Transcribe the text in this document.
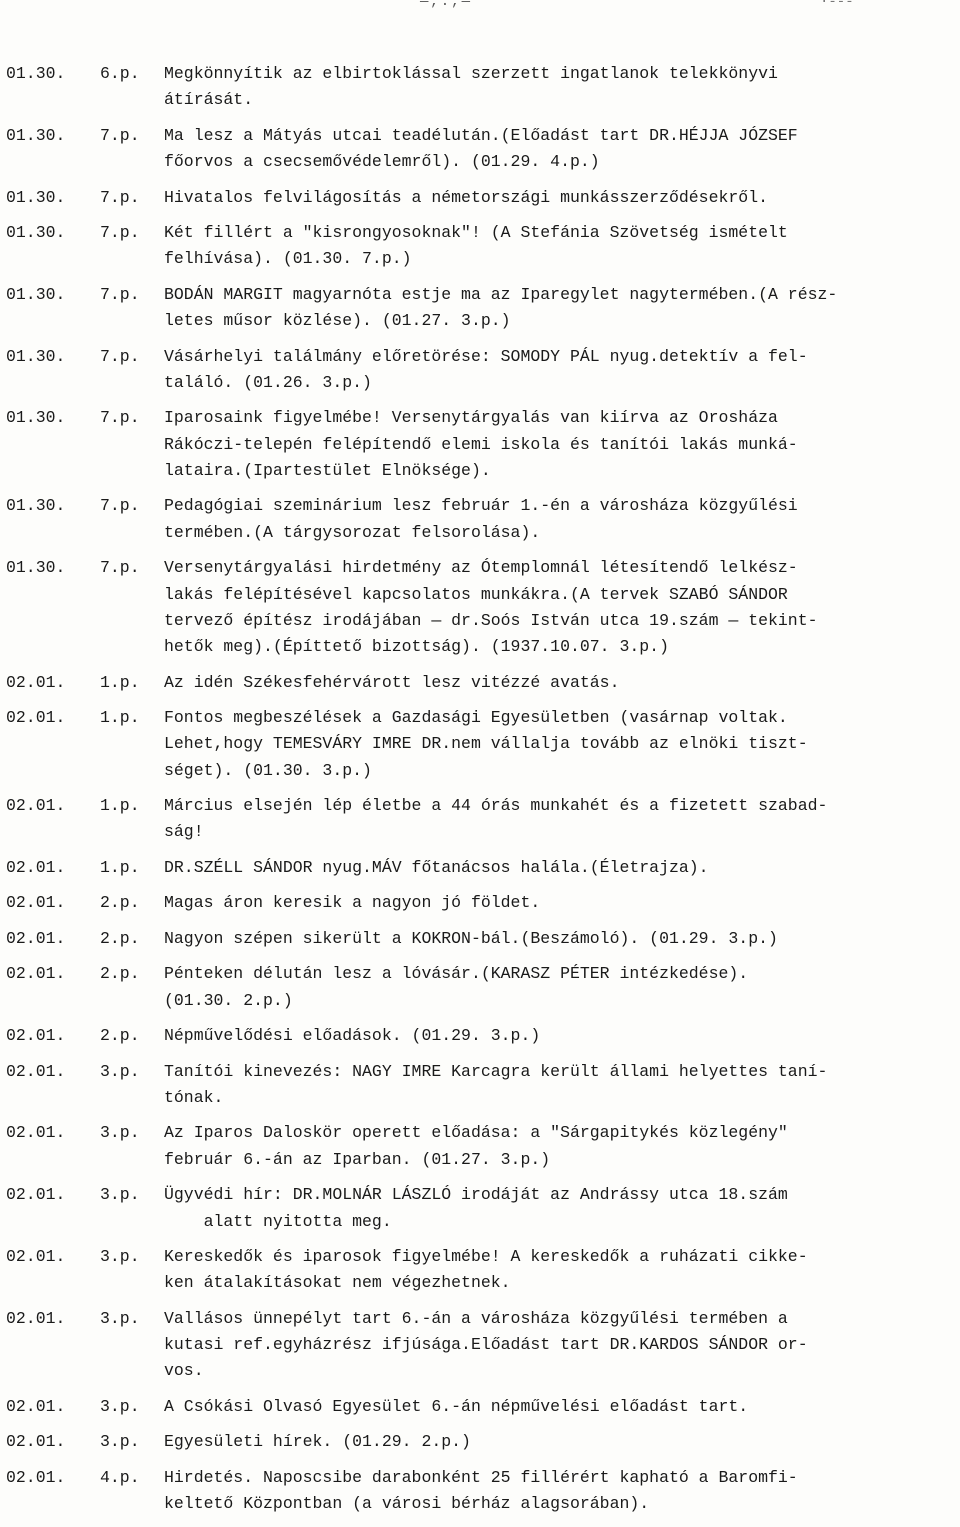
—,.,—	·---
01.30.	6.p.	Megkönnyítik az elbirtoklással szerzett ingatlanok telekkönyvi
átírását.
01.30.	7.p.	Ma lesz a Mátyás utcai teadélután.(Előadást tart DR.HÉJJA JÓZSEF
főorvos a csecsemővédelemről). (01.29. 4.p.)
01.30.	7.p.	Hivatalos felvilágosítás a németországi munkásszerződésekről.
01.30.	7.p.	Két fillért a "kisrongyosoknak"! (A Stefánia Szövetség ismételt
felhívása). (01.30. 7.p.)
01.30.	7.p.	BODÁN MARGIT magyarnóta estje ma az Iparegylet nagytermében.(A rész-
letes műsor közlése). (01.27. 3.p.)
01.30.	7.p.	Vásárhelyi találmány előretörése: SOMODY PÁL nyug.detektív a fel-
találó. (01.26. 3.p.)
01.30.	7.p.	Iparosaink figyelmébe! Versenytárgyalás van kiírva az Orosháza
Rákóczi-telepén felépítendő elemi iskola és tanítói lakás munká-
lataira.(Ipartestület Elnöksége).
01.30.	7.p.	Pedagógiai szeminárium lesz február 1.-én a városháza közgyűlési
termében.(A tárgysorozat felsorolása).
01.30.	7.p.	Versenytárgyalási hirdetmény az Ótemplomnál létesítendő lelkész-
lakás felépítésével kapcsolatos munkákra.(A tervek SZABÓ SÁNDOR
tervező építész irodájában — dr.Soós István utca 19.szám — tekint-
hetők meg).(Építtető bizottság). (1937.10.07. 3.p.)
02.01.	1.p.	Az idén Székesfehérvárott lesz vitézzé avatás.
02.01.	1.p.	Fontos megbeszélések a Gazdasági Egyesületben (vasárnap voltak.
Lehet,hogy TEMESVÁRY IMRE DR.nem vállalja tovább az elnöki tiszt-
séget). (01.30. 3.p.)
02.01.	1.p.	Március elsején lép életbe a 44 órás munkahét és a fizetett szabad-
ság!
02.01.	1.p.	DR.SZÉLL SÁNDOR nyug.MÁV főtanácsos halála.(Életrajza).
02.01.	2.p.	Magas áron keresik a nagyon jó földet.
02.01.	2.p.	Nagyon szépen sikerült a KOKRON-bál.(Beszámoló). (01.29. 3.p.)
02.01.	2.p.	Pénteken délután lesz a lóvásár.(KARASZ PÉTER intézkedése).
(01.30. 2.p.)
02.01.	2.p.	Népművelődési előadások. (01.29. 3.p.)
02.01.	3.p.	Tanítói kinevezés: NAGY IMRE Karcagra került állami helyettes taní-
tónak.
02.01.	3.p.	Az Iparos Daloskör operett előadása: a "Sárgapitykés közlegény"
február 6.-án az Iparban. (01.27. 3.p.)
02.01.	3.p.	Ügyvédi hír: DR.MOLNÁR LÁSZLÓ irodáját az Andrássy utca 18.szám
alatt nyitotta meg.
02.01.	3.p.	Kereskedők és iparosok figyelmébe! A kereskedők a ruházati cikke-
ken átalakításokat nem végezhetnek.
02.01.	3.p.	Vallásos ünnepélyt tart 6.-án a városháza közgyűlési termében a
kutasi ref.egyházrész ifjúsága.Előadást tart DR.KARDOS SÁNDOR or-
vos.
02.01.	3.p.	A Csókási Olvasó Egyesület 6.-án népművelési előadást tart.
02.01.	3.p.	Egyesületi hírek. (01.29. 2.p.)
02.01.	4.p.	Hirdetés. Naposcsibe darabonként 25 fillérért kapható a Baromfi-
keltető Központban (a városi bérház alagsorában).
